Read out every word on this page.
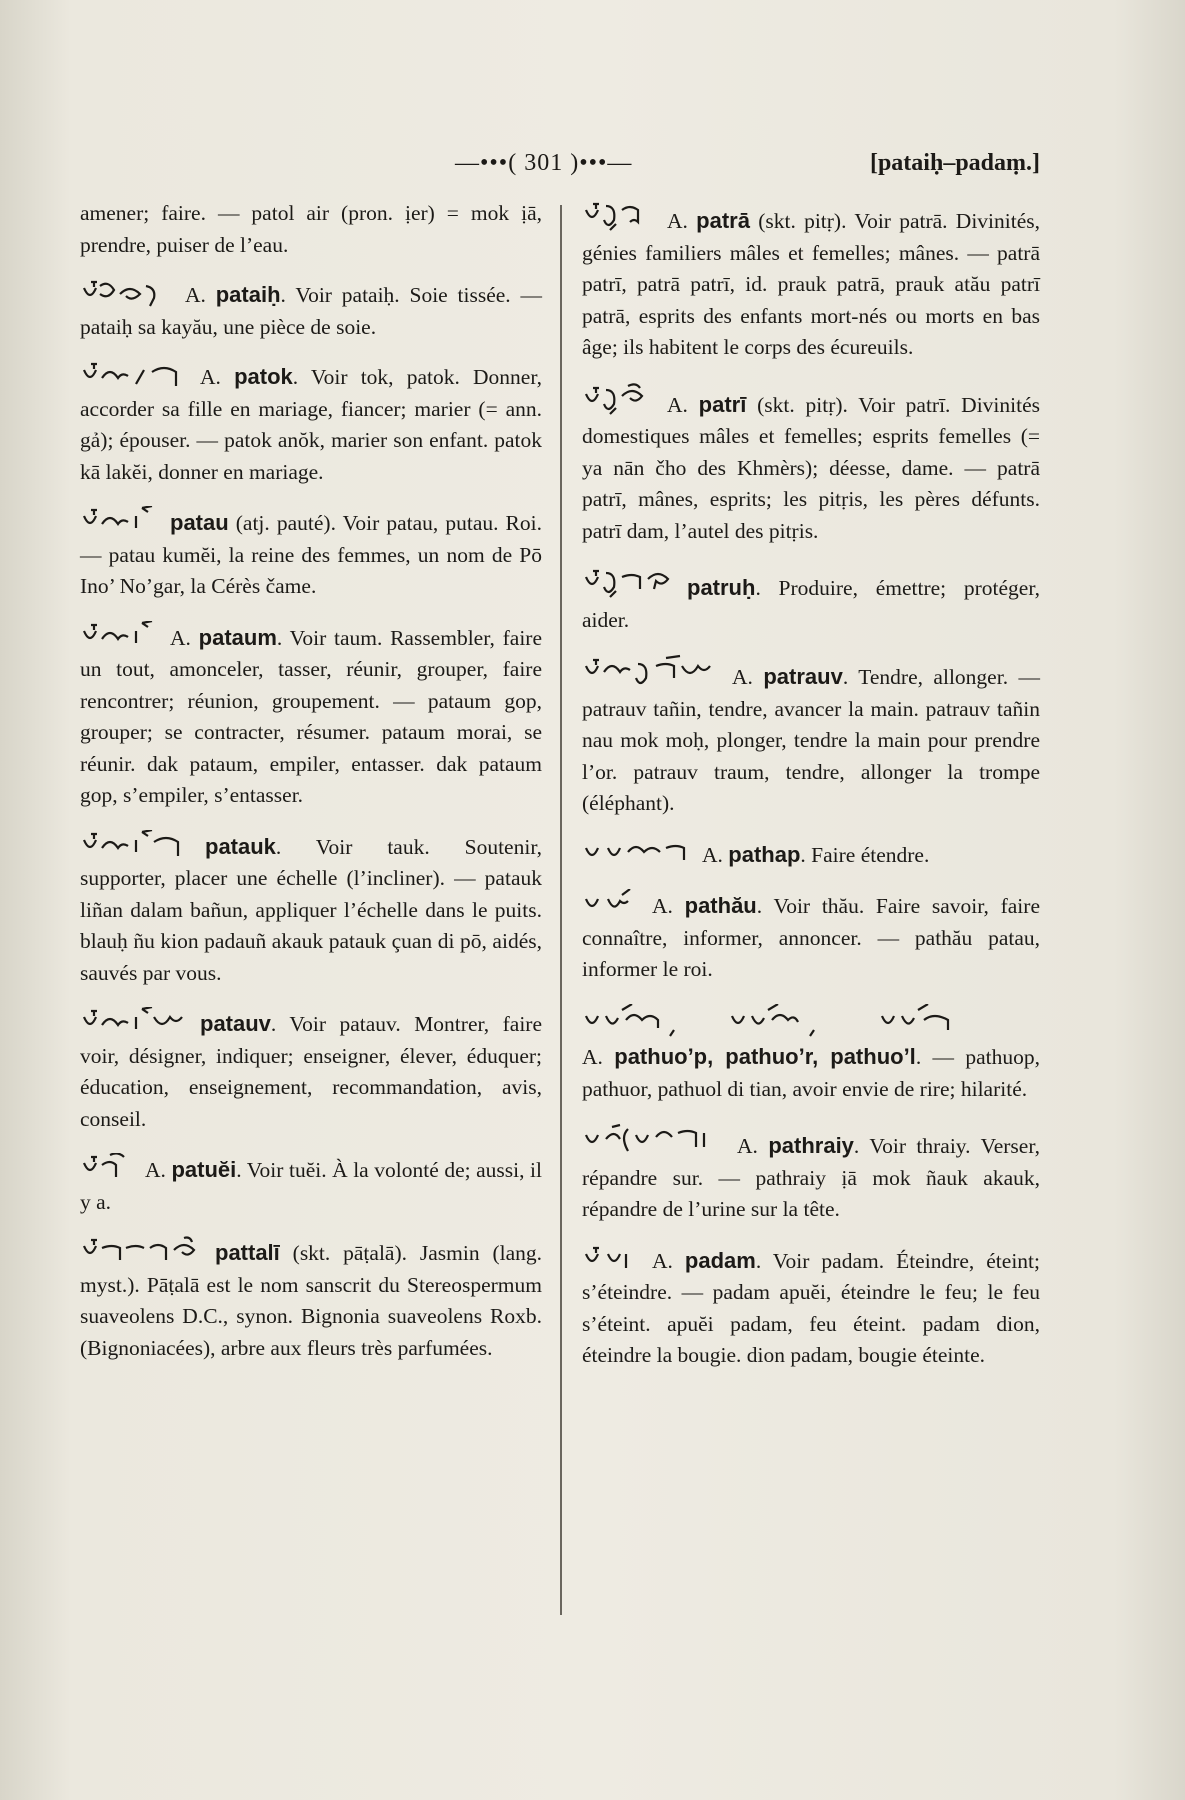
—•••( 301 )•••—	[pataiḥ–padaṃ.]

amener; faire. — patol air (pron. ịer) = mok ịā, prendre, puiser de l’eau.

A. pataiḥ. Voir pataiḥ. Soie tissée. — pataiḥ sa kayău, une pièce de soie.

A. patok. Voir tok, patok. Donner, accorder sa fille en mariage, fiancer; marier (= ann. gả); épouser. — patok anŏk, marier son enfant. patok kā lakĕi, donner en mariage.

patau (atj. pauté). Voir patau, putau. Roi. — patau kumĕi, la reine des femmes, un nom de Pō Ino’ No’gar, la Cérès čame.

A. pataum. Voir taum. Rassembler, faire un tout, amonceler, tasser, réunir, grouper, faire rencontrer; réunion, groupement. — pataum gop, grouper; se contracter, résumer. pataum morai, se réunir. dak pataum, empiler, entasser. dak pataum gop, s’empiler, s’entasser.

patauk. Voir tauk. Soutenir, supporter, placer une échelle (l’incliner). — patauk liñan dalam bañun, appliquer l’échelle dans le puits. blauḥ ñu kion padauñ akauk patauk çuan di pō, aidés, sauvés par vous.

patauv. Voir patauv. Montrer, faire voir, désigner, indiquer; enseigner, élever, éduquer; éducation, enseignement, recommandation, avis, conseil.

A. patuĕi. Voir tuĕi. À la volonté de; aussi, il y a.

pattalī (skt. pāṭalā). Jasmin (lang. myst.). Pāṭalā est le nom sanscrit du Stereospermum suaveolens D.C., synon. Bignonia suaveolens Roxb. (Bignoniacées), arbre aux fleurs très parfumées.

A. patrā (skt. pitṛ). Voir patrā. Divinités, génies familiers mâles et femelles; mânes. — patrā patrī, patrā patrī, id. prauk patrā, prauk atău patrī patrā, esprits des enfants mort-nés ou morts en bas âge; ils habitent le corps des écureuils.

A. patrī (skt. pitṛ). Voir patrī. Divinités domestiques mâles et femelles; esprits femelles (= ya nān čho des Khmèrs); déesse, dame. — patrā patrī, mânes, esprits; les pitṛis, les pères défunts. patrī dam, l’autel des pitṛis.

patruḥ. Produire, émettre; protéger, aider.

A. patrauv. Tendre, allonger. — patrauv tañin, tendre, avancer la main. patrauv tañin nau mok moḥ, plonger, tendre la main pour prendre l’or. patrauv traum, tendre, allonger la trompe (éléphant).

A. pathap. Faire étendre.

A. pathău. Voir thău. Faire savoir, faire connaître, informer, annoncer. — pathău patau, informer le roi.

A. pathuo’p, pathuo’r, pathuo’l. — pathuop, pathuor, pathuol di tian, avoir envie de rire; hilarité.

A. pathraiy. Voir thraiy. Verser, répandre sur. — pathraiy ịā mok ñauk akauk, répandre de l’urine sur la tête.

A. padam. Voir padam. Éteindre, éteint; s’éteindre. — padam apuĕi, éteindre le feu; le feu s’éteint. apuĕi padam, feu éteint. padam dion, éteindre la bougie. dion padam, bougie éteinte.
